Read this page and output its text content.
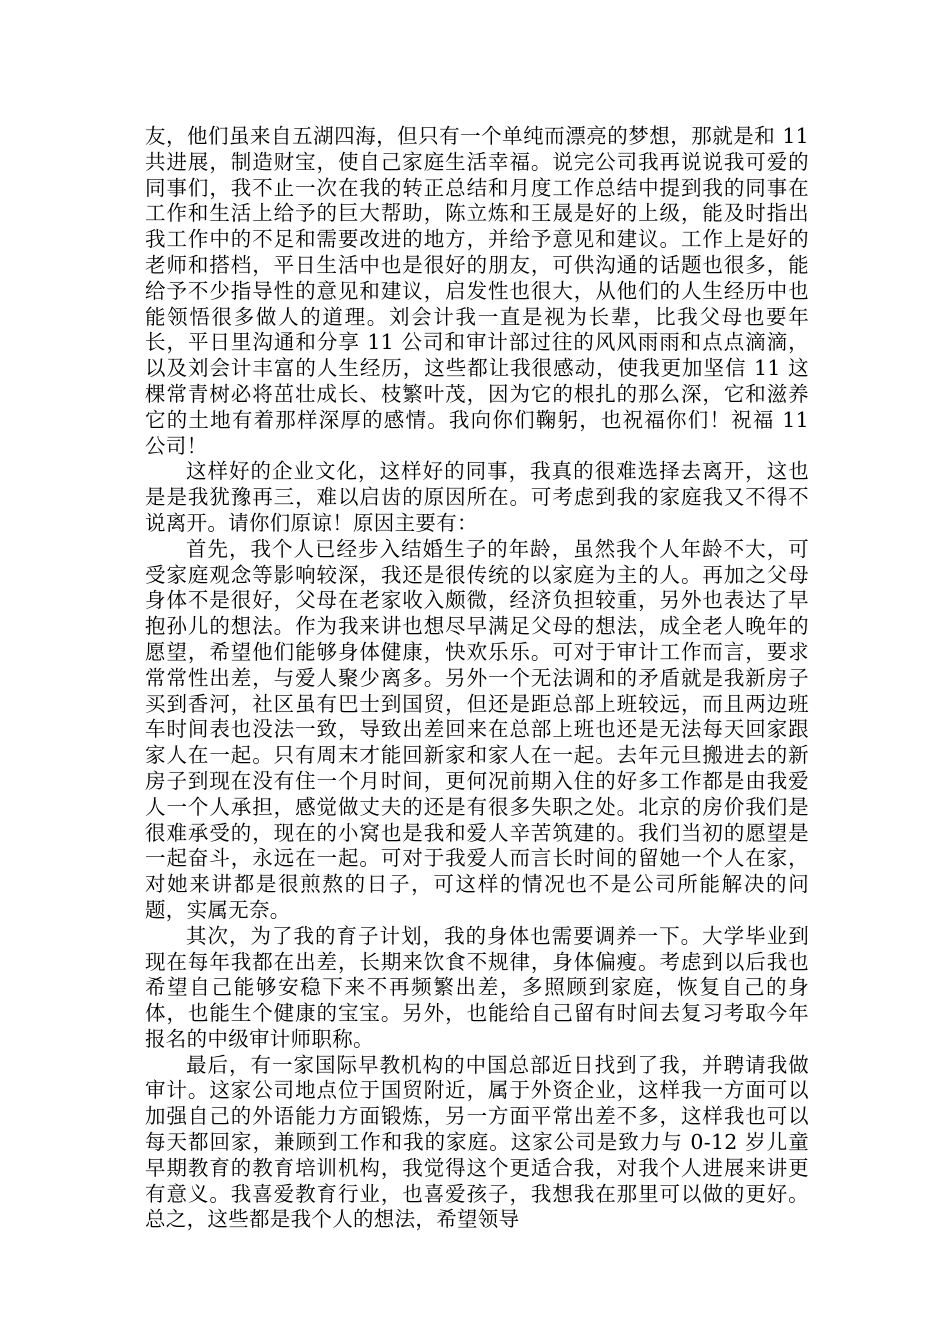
友，他们虽来自五湖四海，但只有一个单纯而漂亮的梦想，那就是和 11 共进展，制造财宝，使自己家庭生活幸福。说完公司我再说说我可爱的同事们，我不止一次在我的转正总结和月度工作总结中提到我的同事在工作和生活上给予的巨大帮助，陈立炼和王晟是好的上级，能及时指出我工作中的不足和需要改进的地方，并给予意见和建议。工作上是好的老师和搭档，平日生活中也是很好的朋友，可供沟通的话题也很多，能给予不少指导性的意见和建议，启发性也很大，从他们的人生经历中也能领悟很多做人的道理。刘会计我一直是视为长辈，比我父母也要年长，平日里沟通和分享 11 公司和审计部过往的风风雨雨和点点滴滴，以及刘会计丰富的人生经历，这些都让我很感动，使我更加坚信 11 这棵常青树必将茁壮成长、枝繁叶茂，因为它的根扎的那么深，它和滋养它的土地有着那样深厚的感情。我向你们鞠躬，也祝福你们！祝福 11 公司！

这样好的企业文化，这样好的同事，我真的很难选择去离开，这也是是我犹豫再三，难以启齿的原因所在。可考虑到我的家庭我又不得不说离开。请你们原谅！原因主要有：

首先，我个人已经步入结婚生子的年龄，虽然我个人年龄不大，可受家庭观念等影响较深，我还是很传统的以家庭为主的人。再加之父母身体不是很好，父母在老家收入颇微，经济负担较重，另外也表达了早抱孙儿的想法。作为我来讲也想尽早满足父母的想法，成全老人晚年的愿望，希望他们能够身体健康，快欢乐乐。可对于审计工作而言，要求常常性出差，与爱人聚少离多。另外一个无法调和的矛盾就是我新房子买到香河，社区虽有巴士到国贸，但还是距总部上班较远，而且两边班车时间表也没法一致，导致出差回来在总部上班也还是无法每天回家跟家人在一起。只有周末才能回新家和家人在一起。去年元旦搬进去的新房子到现在没有住一个月时间，更何况前期入住的好多工作都是由我爱人一个人承担，感觉做丈夫的还是有很多失职之处。北京的房价我们是很难承受的，现在的小窝也是我和爱人辛苦筑建的。我们当初的愿望是一起奋斗，永远在一起。可对于我爱人而言长时间的留她一个人在家，对她来讲都是很煎熬的日子，可这样的情况也不是公司所能解决的问题，实属无奈。

其次，为了我的育子计划，我的身体也需要调养一下。大学毕业到现在每年我都在出差，长期来饮食不规律，身体偏瘦。考虑到以后我也希望自己能够安稳下来不再频繁出差，多照顾到家庭，恢复自己的身体，也能生个健康的宝宝。另外，也能给自己留有时间去复习考取今年报名的中级审计师职称。

最后，有一家国际早教机构的中国总部近日找到了我，并聘请我做审计。这家公司地点位于国贸附近，属于外资企业，这样我一方面可以加强自己的外语能力方面锻炼，另一方面平常出差不多，这样我也可以每天都回家，兼顾到工作和我的家庭。这家公司是致力与 0-12 岁儿童早期教育的教育培训机构，我觉得这个更适合我，对我个人进展来讲更有意义。我喜爱教育行业，也喜爱孩子，我想我在那里可以做的更好。总之，这些都是我个人的想法，希望领导
